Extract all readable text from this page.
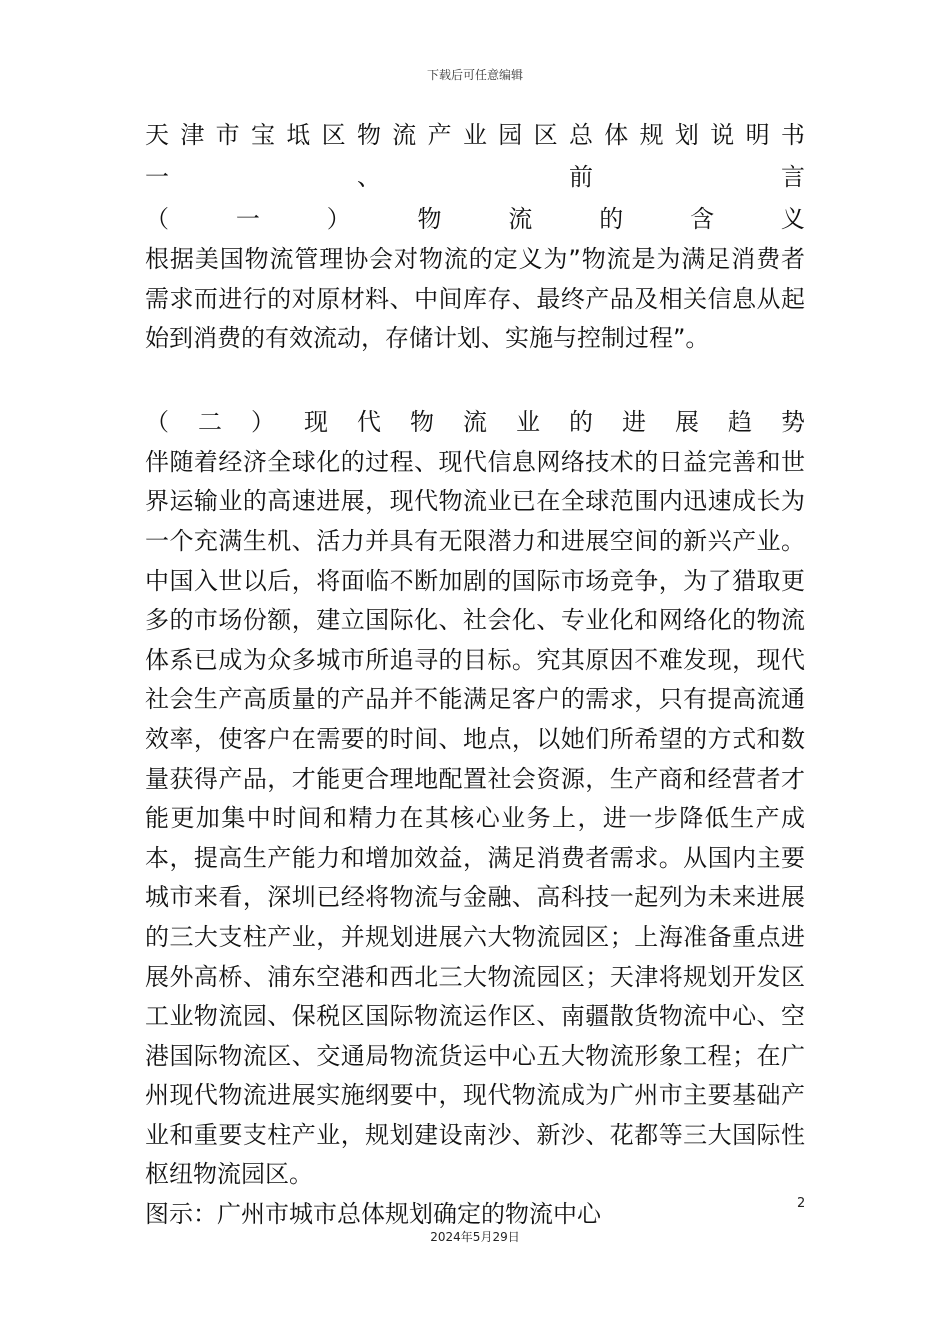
下载后可任意编辑
天 津 市 宝 坻 区 物 流 产 业 园 区 总 体 规 划 说 明 书
一	、	前	言
（	一	）	物	流	的	含	义

根据美国物流管理协会对物流的定义为”物流是为满足消费者需求而进行的对原材料、中间库存、最终产品及相关信息从起始到消费的有效流动，存储计划、实施与控制过程”。

（ 二 ） 现 代 物 流 业 的 进 展 趋 势

伴随着经济全球化的过程、现代信息网络技术的日益完善和世界运输业的高速进展，现代物流业已在全球范围内迅速成长为一个充满生机、活力并具有无限潜力和进展空间的新兴产业。中国入世以后，将面临不断加剧的国际市场竞争，为了猎取更多的市场份额，建立国际化、社会化、专业化和网络化的物流体系已成为众多城市所追寻的目标。究其原因不难发现，现代社会生产高质量的产品并不能满足客户的需求，只有提高流通效率，使客户在需要的时间、地点，以她们所希望的方式和数量获得产品，才能更合理地配置社会资源，生产商和经营者才能更加集中时间和精力在其核心业务上，进一步降低生产成本，提高生产能力和增加效益，满足消费者需求。从国内主要城市来看，深圳已经将物流与金融、高科技一起列为未来进展的三大支柱产业，并规划进展六大物流园区；上海准备重点进展外高桥、浦东空港和西北三大物流园区；天津将规划开发区工业物流园、保税区国际物流运作区、南疆散货物流中心、空港国际物流区、交通局物流货运中心五大物流形象工程；在广州现代物流进展实施纲要中，现代物流成为广州市主要基础产业和重要支柱产业，规划建设南沙、新沙、花都等三大国际性枢纽物流园区。

图示：广州市城市总体规划确定的物流中心	2
2024年5月29日
